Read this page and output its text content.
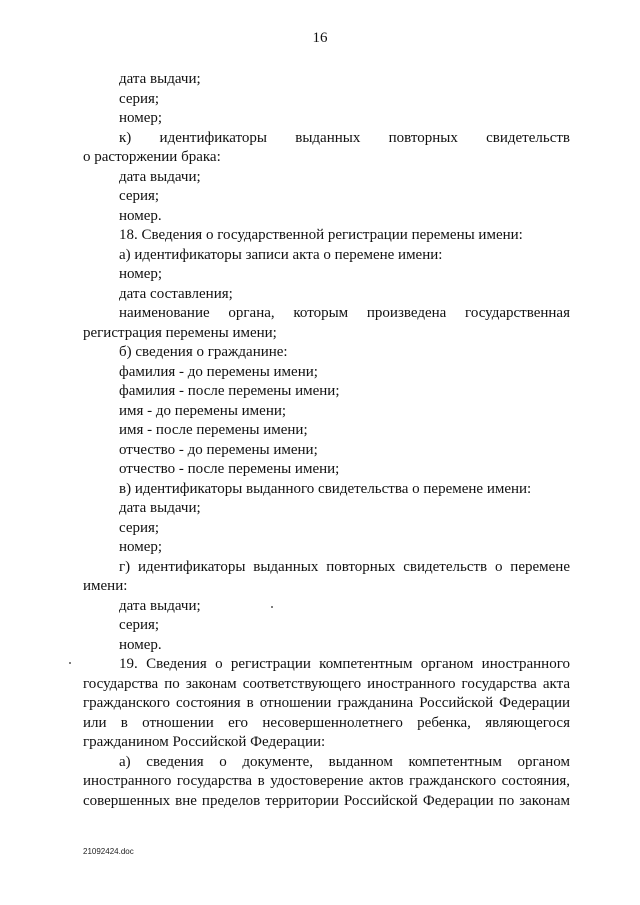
16
дата выдачи;
серия;
номер;
к) идентификаторы выданных повторных свидетельств
о расторжении брака:
дата выдачи;
серия;
номер.
18. Сведения о государственной регистрации перемены имени:
а) идентификаторы записи акта о перемене имени:
номер;
дата составления;
наименование органа, которым произведена государственная
регистрация перемены имени;
б) сведения о гражданине:
фамилия - до перемены имени;
фамилия - после перемены имени;
имя - до перемены имени;
имя - после перемены имени;
отчество - до перемены имени;
отчество - после перемены имени;
в) идентификаторы выданного свидетельства о перемене имени:
дата выдачи;
серия;
номер;
г) идентификаторы выданных повторных свидетельств о перемене
имени:
дата выдачи;
серия;
номер.
19. Сведения о регистрации компетентным органом иностранного
государства по законам соответствующего иностранного государства акта
гражданского состояния в отношении гражданина Российской Федерации
или в отношении его несовершеннолетнего ребенка, являющегося
гражданином Российской Федерации:
а) сведения о документе, выданном компетентным органом
иностранного государства в удостоверение актов гражданского состояния,
совершенных вне пределов территории Российской Федерации по законам
21092424.doc
